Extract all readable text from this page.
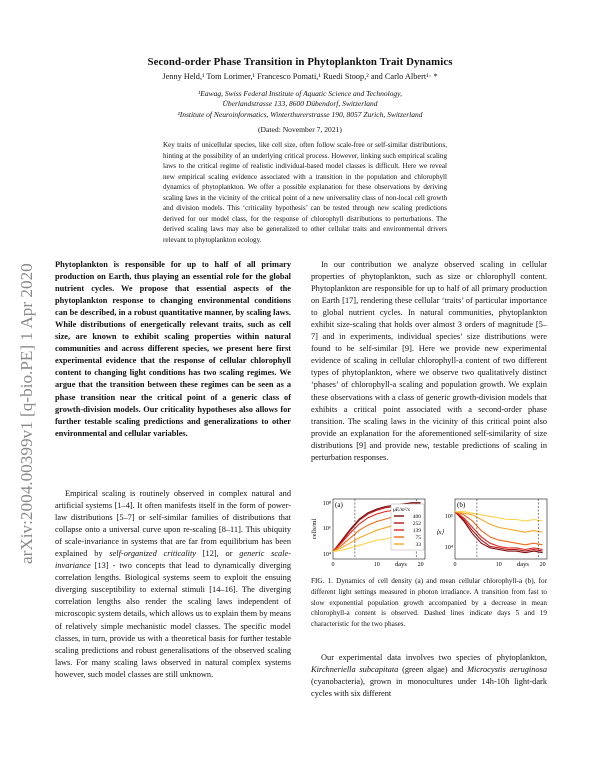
arXiv:2004.00399v1 [q-bio.PE] 1 Apr 2020
Second-order Phase Transition in Phytoplankton Trait Dynamics
Jenny Held,¹ Tom Lorimer,¹ Francesco Pomati,¹ Ruedi Stoop,² and Carlo Albert¹· *
¹Eawag, Swiss Federal Institute of Aquatic Science and Technology,
Überlandstrasse 133, 8600 Dübendorf, Switzerland
²Institute of Neuroinformatics, Winterthurerstrasse 190, 8057 Zurich, Switzerland
(Dated: November 7, 2021)
Key traits of unicellular species, like cell size, often follow scale-free or self-similar distributions, hinting at the possibility of an underlying critical process. However, linking such empirical scaling laws to the critical regime of realistic individual-based model classes is difficult. Here we reveal new empirical scaling evidence associated with a transition in the population and chlorophyll dynamics of phytoplankton. We offer a possible explanation for these observations by deriving scaling laws in the vicinity of the critical point of a new universality class of non-local cell growth and division models. This ‘criticality hypothesis’ can be tested through new scaling predictions derived for our model class, for the response of chlorophyll distributions to perturbations. The derived scaling laws may also be generalized to other cellular traits and environmental drivers relevant to phytoplankton ecology.
Phytoplankton is responsible for up to half of all primary production on Earth, thus playing an essential role for the global nutrient cycles. We propose that essential aspects of the phytoplankton response to changing environmental conditions can be described, in a robust quantitative manner, by scaling laws. While distributions of energetically relevant traits, such as cell size, are known to exhibit scaling properties within natural communities and across different species, we present here first experimental evidence that the response of cellular chlorophyll content to changing light conditions has two scaling regimes. We argue that the transition between these regimes can be seen as a phase transition near the critical point of a generic class of growth-division models. Our criticality hypotheses also allows for further testable scaling predictions and generalizations to other environmental and cellular variables.
Empirical scaling is routinely observed in complex natural and artificial systems [1–4]. It often manifests itself in the form of power-law distributions [5–7] or self-similar families of distributions that collapse onto a universal curve upon re-scaling [8–11]. This ubiquity of scale-invariance in systems that are far from equilibrium has been explained by self-organized criticality [12], or generic scale-invariance [13] - two concepts that lead to dynamically diverging correlation lengths. Biological systems seem to exploit the ensuing diverging susceptibility to external stimuli [14–16]. The diverging correlation lengths also render the scaling laws independent of microscopic system details, which allows us to explain them by means of relatively simple mechanistic model classes. The specific model classes, in turn, provide us with a theoretical basis for further testable scaling predictions and robust generalisations of the observed scaling laws. For many scaling laws observed in natural complex systems however, such model classes are still unknown.
In our contribution we analyze observed scaling in cellular properties of phytoplankton, such as size or chlorophyll content. Phytoplankton are responsible for up to half of all primary production on Earth [17], rendering these cellular ‘traits’ of particular importance to global nutrient cycles. In natural communities, phytoplankton exhibit size-scaling that holds over almost 3 orders of magnitude [5–7] and in experiments, individual species’ size distributions were found to be self-similar [9]. Here we provide new experimental evidence of scaling in cellular chlorophyll-a content of two different types of phytoplankton, where we observe two qualitatively distinct ‘phases’ of chlorophyll-a scaling and population growth. We explain these observations with a class of generic growth-division models that exhibits a critical point associated with a second-order phase transition. The scaling laws in the vicinity of this critical point also provide an explanation for the aforementioned self-similarity of size distributions [9] and provide new, testable predictions of scaling in perturbation responses.
(a)
10⁸
10⁶
10⁴
cells/ml
0	10	20
days
μE/m²/s
400
252
139
75
33
(b)
10⁵
10⁴
⟨x⟩
0	10	20
days
FIG. 1. Dynamics of cell density (a) and mean cellular chlorophyll-a (b), for different light settings measured in photon irradiance. A transition from fast to slow exponential population growth accompanied by a decrease in mean chlorophyll-a content is observed. Dashed lines indicate days 5 and 19 characteristic for the two phases.
Our experimental data involves two species of phytoplankton, Kirchneriella subcapitata (green algae) and Microcystis aeruginosa (cyanobacteria), grown in monocultures under 14h-10h light-dark cycles with six different
